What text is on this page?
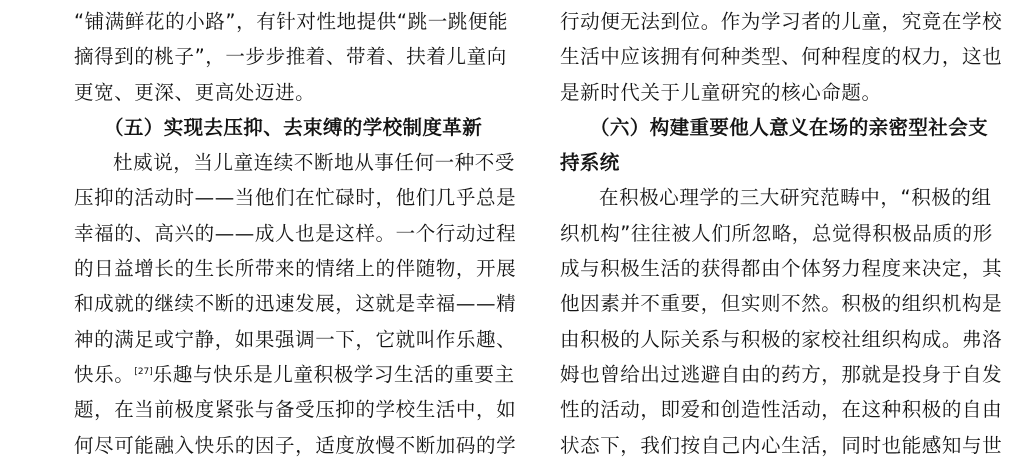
“铺满鲜花的小路”，有针对性地提供“跳一跳便能
摘得到的桃子”，一步步推着、带着、扶着儿童向
更宽、更深、更高处迈进。
（五）实现去压抑、去束缚的学校制度革新
杜威说，当儿童连续不断地从事任何一种不受
压抑的活动时——当他们在忙碌时，他们几乎总是
幸福的、高兴的——成人也是这样。一个行动过程
的日益增长的生长所带来的情绪上的伴随物，开展
和成就的继续不断的迅速发展，这就是幸福——精
神的满足或宁静，如果强调一下，它就叫作乐趣、
快乐。[27]乐趣与快乐是儿童积极学习生活的重要主
题，在当前极度紧张与备受压抑的学校生活中，如
何尽可能融入快乐的因子，适度放慢不断加码的学
行动便无法到位。作为学习者的儿童，究竟在学校
生活中应该拥有何种类型、何种程度的权力，这也
是新时代关于儿童研究的核心命题。
（六）构建重要他人意义在场的亲密型社会支
持系统
在积极心理学的三大研究范畴中，“积极的组
织机构”往往被人们所忽略，总觉得积极品质的形
成与积极生活的获得都由个体努力程度来决定，其
他因素并不重要，但实则不然。积极的组织机构是
由积极的人际关系与积极的家校社组织构成。弗洛
姆也曾给出过逃避自由的药方，那就是投身于自发
性的活动，即爱和创造性活动，在这种积极的自由
状态下，我们按自己内心生活，同时也能感知与世
